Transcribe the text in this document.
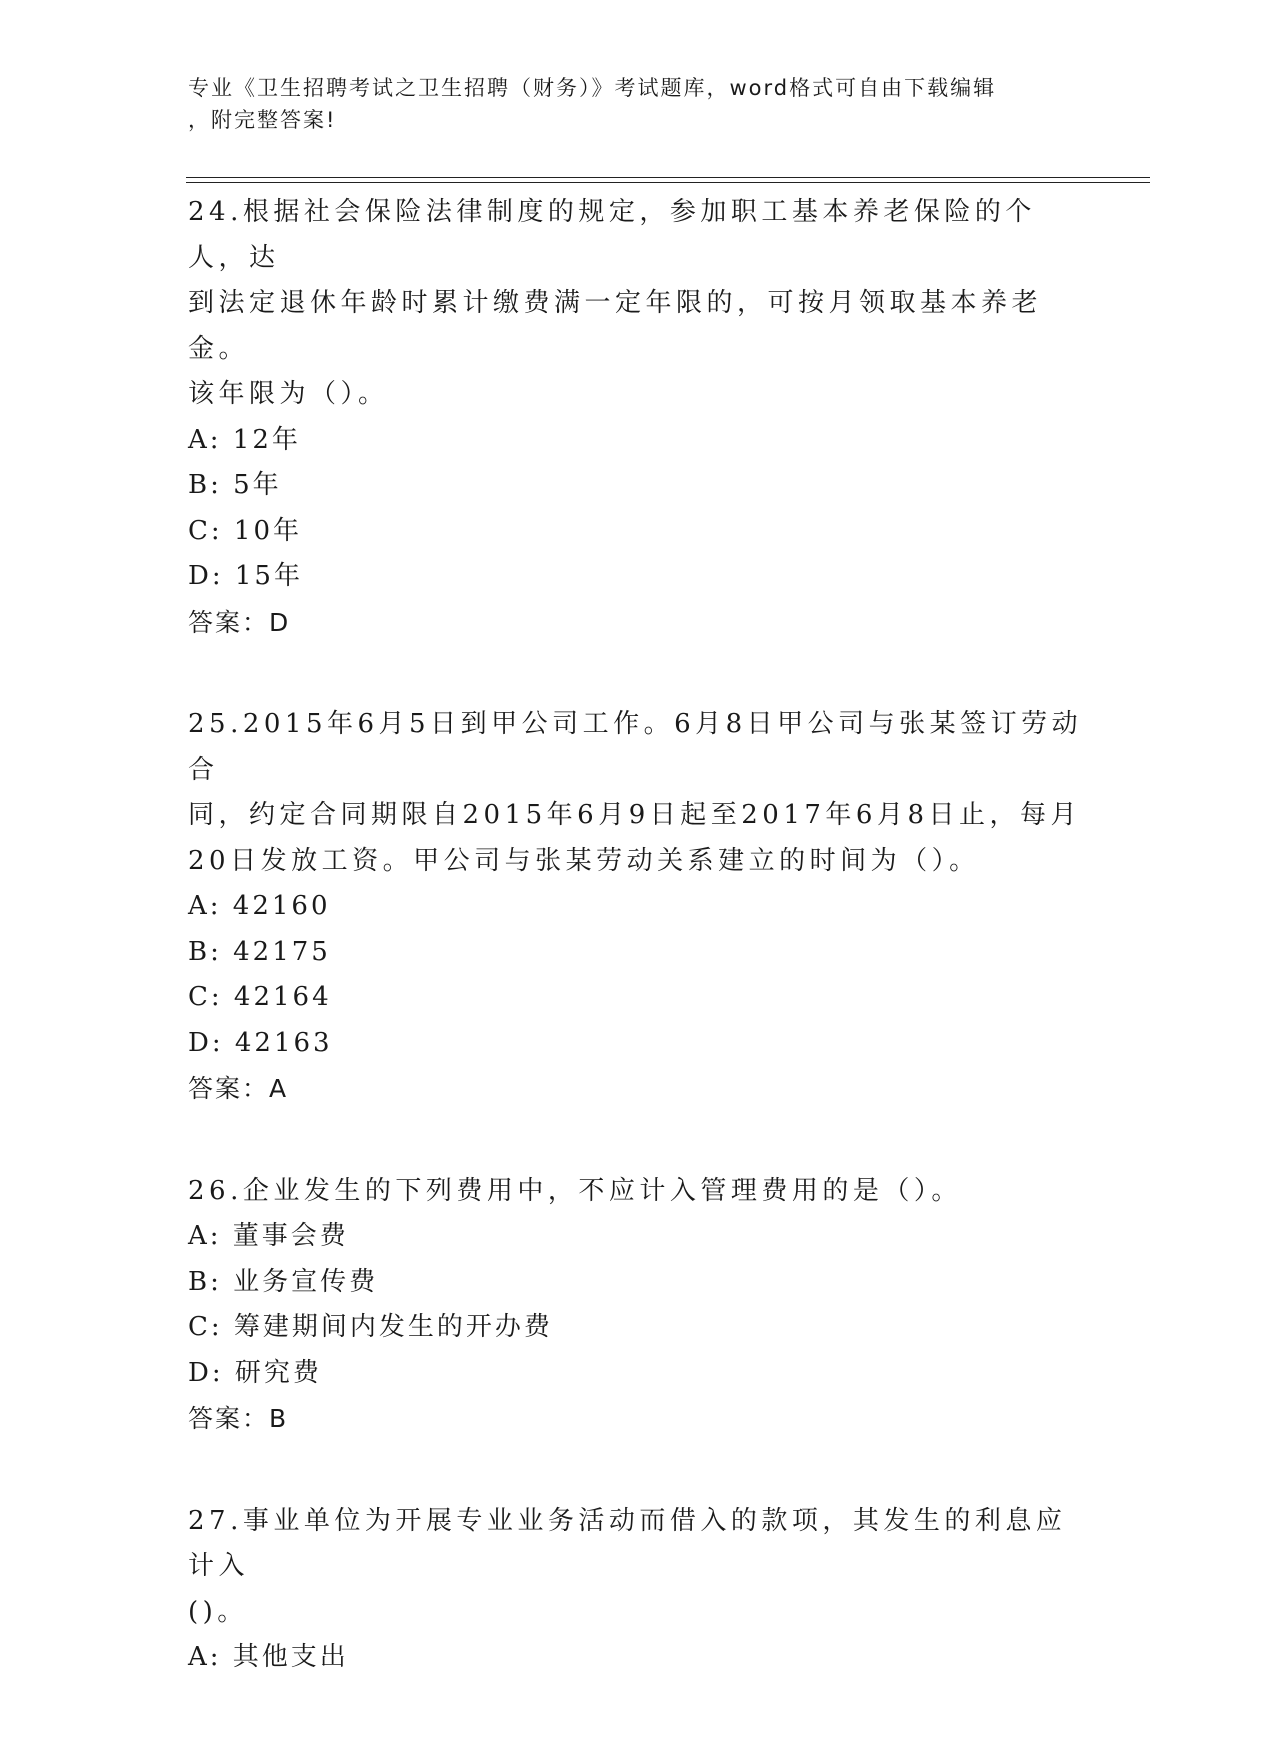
专业《卫生招聘考试之卫生招聘（财务）》考试题库，word格式可自由下载编辑
，附完整答案!

24.根据社会保险法律制度的规定，参加职工基本养老保险的个人，达

到法定退休年龄时累计缴费满一定年限的，可按月领取基本养老金。

该年限为（）。

A: 12年

B: 5年

C: 10年

D: 15年

答案：D

25.2015年6月5日到甲公司工作。6月8日甲公司与张某签订劳动合

同，约定合同期限自2015年6月9日起至2017年6月8日止，每月

20日发放工资。甲公司与张某劳动关系建立的时间为（）。

A: 42160

B: 42175

C: 42164

D: 42163

答案：A

26.企业发生的下列费用中，不应计入管理费用的是（）。

A: 董事会费

B: 业务宣传费

C: 筹建期间内发生的开办费

D: 研究费

答案：B

27.事业单位为开展专业业务活动而借入的款项，其发生的利息应计入

()。

A: 其他支出
